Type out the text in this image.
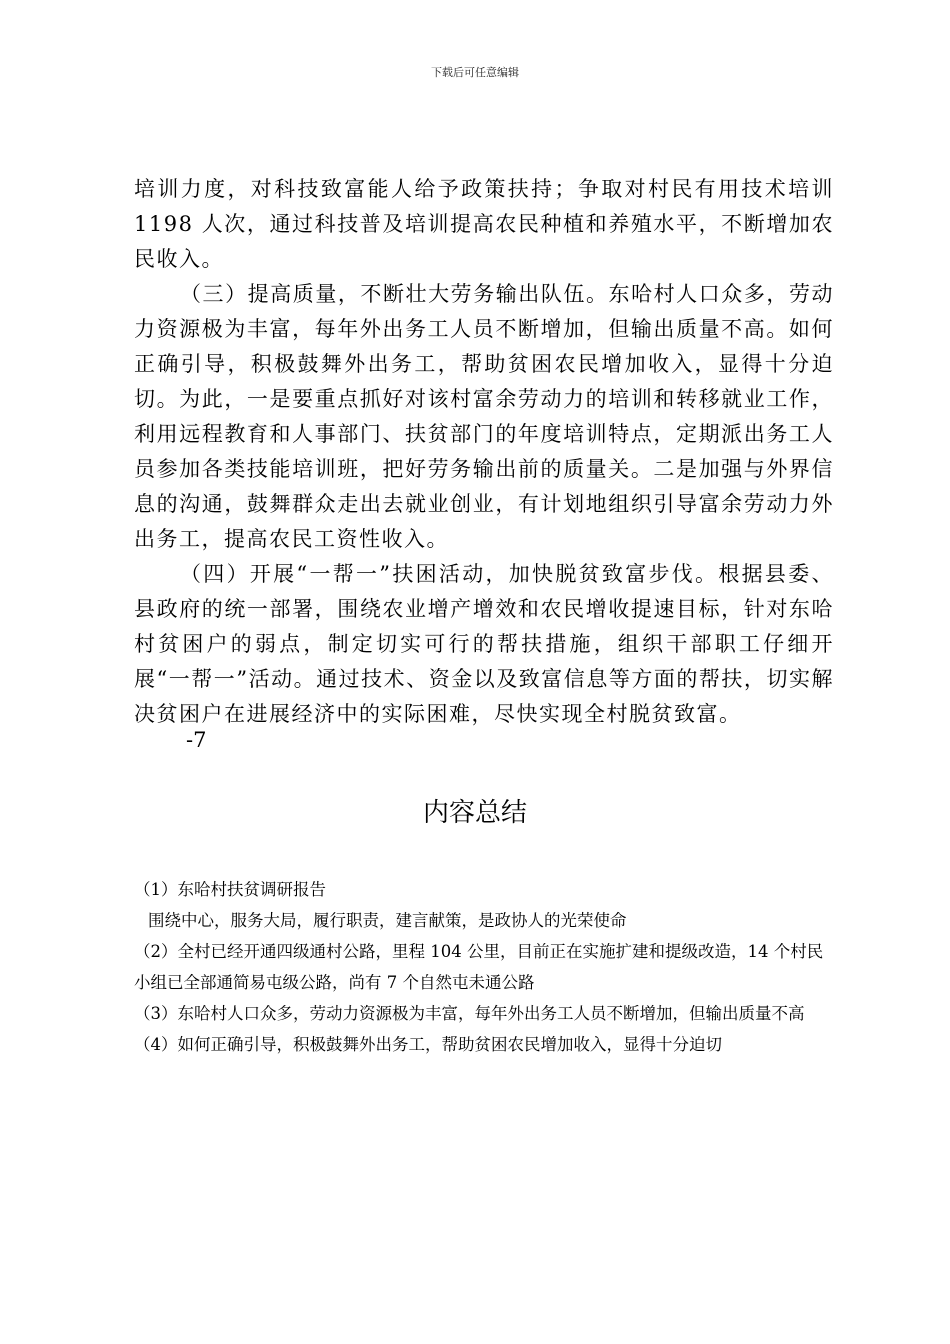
下载后可任意编辑

培训力度，对科技致富能人给予政策扶持；争取对村民有用技术培训 1198 人次，通过科技普及培训提高农民种植和养殖水平，不断增加农民收入。

（三）提高质量，不断壮大劳务输出队伍。东哈村人口众多，劳动力资源极为丰富，每年外出务工人员不断增加，但输出质量不高。如何正确引导，积极鼓舞外出务工，帮助贫困农民增加收入，显得十分迫切。为此，一是要重点抓好对该村富余劳动力的培训和转移就业工作，利用远程教育和人事部门、扶贫部门的年度培训特点，定期派出务工人员参加各类技能培训班，把好劳务输出前的质量关。二是加强与外界信息的沟通，鼓舞群众走出去就业创业，有计划地组织引导富余劳动力外出务工，提高农民工资性收入。

（四）开展“一帮一”扶困活动，加快脱贫致富步伐。根据县委、县政府的统一部署，围绕农业增产增效和农民增收提速目标，针对东哈村贫困户的弱点，制定切实可行的帮扶措施，组织干部职工仔细开展“一帮一”活动。通过技术、资金以及致富信息等方面的帮扶，切实解决贫困户在进展经济中的实际困难，尽快实现全村脱贫致富。

-7
内容总结

（1）东哈村扶贫调研报告

围绕中心，服务大局，履行职责，建言献策，是政协人的光荣使命

（2）全村已经开通四级通村公路，里程 104 公里，目前正在实施扩建和提级改造，14 个村民小组已全部通简易屯级公路，尚有 7 个自然屯未通公路

（3）东哈村人口众多，劳动力资源极为丰富，每年外出务工人员不断增加，但输出质量不高

（4）如何正确引导，积极鼓舞外出务工，帮助贫困农民增加收入，显得十分迫切
